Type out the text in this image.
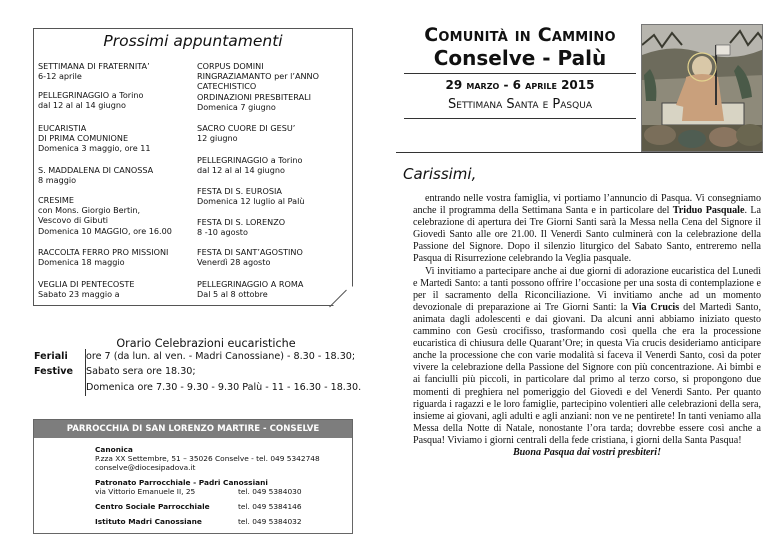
Prossimi appuntamenti
SETTIMANA DI FRATERNITA’
6-12 aprile
PELLEGRINAGGIO a Torino
dal 12 al al 14 giugno
EUCARISTIA
DI PRIMA COMUNIONE
Domenica 3 maggio, ore 11
S. MADDALENA DI CANOSSA
8 maggio
CRESIME
con Mons. Giorgio Bertin,
Vescovo di Gibuti
Domenica 10 MAGGIO, ore 16.00
RACCOLTA FERRO PRO MISSIONI
Domenica 18 maggio
VEGLIA DI PENTECOSTE
Sabato 23 maggio a
CORPUS DOMINI
RINGRAZIAMANTO per l’ANNO
CATECHISTICO
ORDINAZIONI PRESBITERALI
Domenica 7 giugno
SACRO CUORE DI GESU’
12 giugno
PELLEGRINAGGIO a Torino
dal 12 al al 14 giugno
FESTA DI S. EUROSIA
Domenica 12 luglio al Palù
FESTA DI S. LORENZO
8 -10 agosto
FESTA DI SANT’AGOSTINO
Venerdì 28 agosto
PELLEGRINAGGIO A ROMA
Dal 5 al 8 ottobre
Orario Celebrazioni eucaristiche
Feriali ore 7 (da lun. al ven. - Madri Canossiane) - 8.30 - 18.30;
Festive Sabato sera ore 18.30;
Domenica ore 7.30 - 9.30 - 9.30 Palù - 11 - 16.30 - 18.30.
PARROCCHIA DI SAN LORENZO MARTIRE - CONSELVE
Canonica
P.zza XX Settembre, 51 – 35026 Conselve - tel. 049 5342748
conselve@diocesipadova.it
Patronato Parrocchiale - Padri Canossiani
via Vittorio Emanuele II, 25	tel. 049 5384030
Centro Sociale Parrocchiale	tel. 049 5384146
Istituto Madri Canossiane	tel. 049 5384032
Comunità in Cammino
Conselve - Palù
29 marzo - 6 aprile 2015
Settimana Santa e Pasqua
Carissimi,

entrando nelle vostra famiglia, vi portiamo l’annuncio di Pasqua. Vi consegniamo anche il programma della Settimana Santa e in particolare del Triduo Pasquale. La celebrazione di apertura dei Tre Giorni Santi sarà la Messa nella Cena del Signore il Giovedì Santo alle ore 21.00. Il Venerdì Santo culminerà con la celebrazione della Passione del Signore. Dopo il silenzio liturgico del Sabato Santo, entreremo nella Pasqua di Risurrezione celebrando la Veglia pasquale.

Vi invitiamo a partecipare anche ai due giorni di adorazione eucaristica del Lunedì e Martedì Santo: a tanti possono offrire l’occasione per una sosta di contemplazione e per il sacramento della Riconciliazione. Vi invitiamo anche ad un momento devozionale di preparazione ai Tre Giorni Santi: la Via Crucis del Martedì Santo, animata dagli adolescenti e dai giovani. Da alcuni anni abbiamo iniziato questo cammino con Gesù crocifisso, trasformando così quella che era la processione eucaristica di chiusura delle Quarant’Ore; in questa Via crucis desideriamo anticipare anche la processione che con varie modalità si faceva il Venerdì Santo, così da poter vivere la celebrazione della Passione del Signore con più concentrazione. Ai bimbi e ai fanciulli più piccoli, in particolare dal primo al terzo corso, si propongono due momenti di preghiera nel pomeriggio del Giovedì e del Venerdì Santo. Per quanto riguarda i ragazzi e le loro famiglie, partecipino volentieri alle celebrazioni della sera, insieme ai giovani, agli adulti e agli anziani: non ve ne pentirete! In tanti veniamo alla Messa della Notte di Natale, nonostante l’ora tarda; dovrebbe essere così anche a Pasqua! Viviamo i giorni centrali della fede cristiana, i giorni della Santa Pasqua!

Buona Pasqua dai vostri presbiteri!
